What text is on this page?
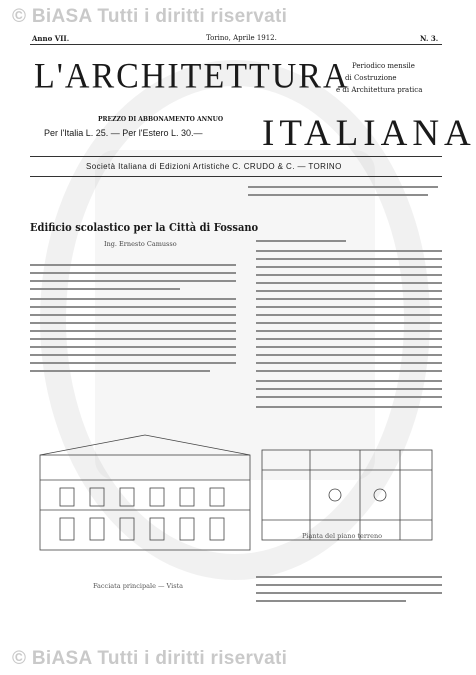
© BiASA Tutti i diritti riservati
© BiASA Tutti i diritti riservati
Anno VII.	Torino, Aprile 1912.	N. 3.
L'ARCHITETTURA Periodico mensile
di Costruzione
e di Architettura pratica
PREZZO DI ABBONAMENTO ANNUO
Per l'Italia L. 25. — Per l'Estero L. 30.— ITALIANA
Società Italiana di Edizioni Artistiche C. CRUDO & C. — TORINO
Edificio scolastico per la Città di Fossano
Ing. Ernesto Camusso
Facciata principale — Vista
Pianta del piano terreno
